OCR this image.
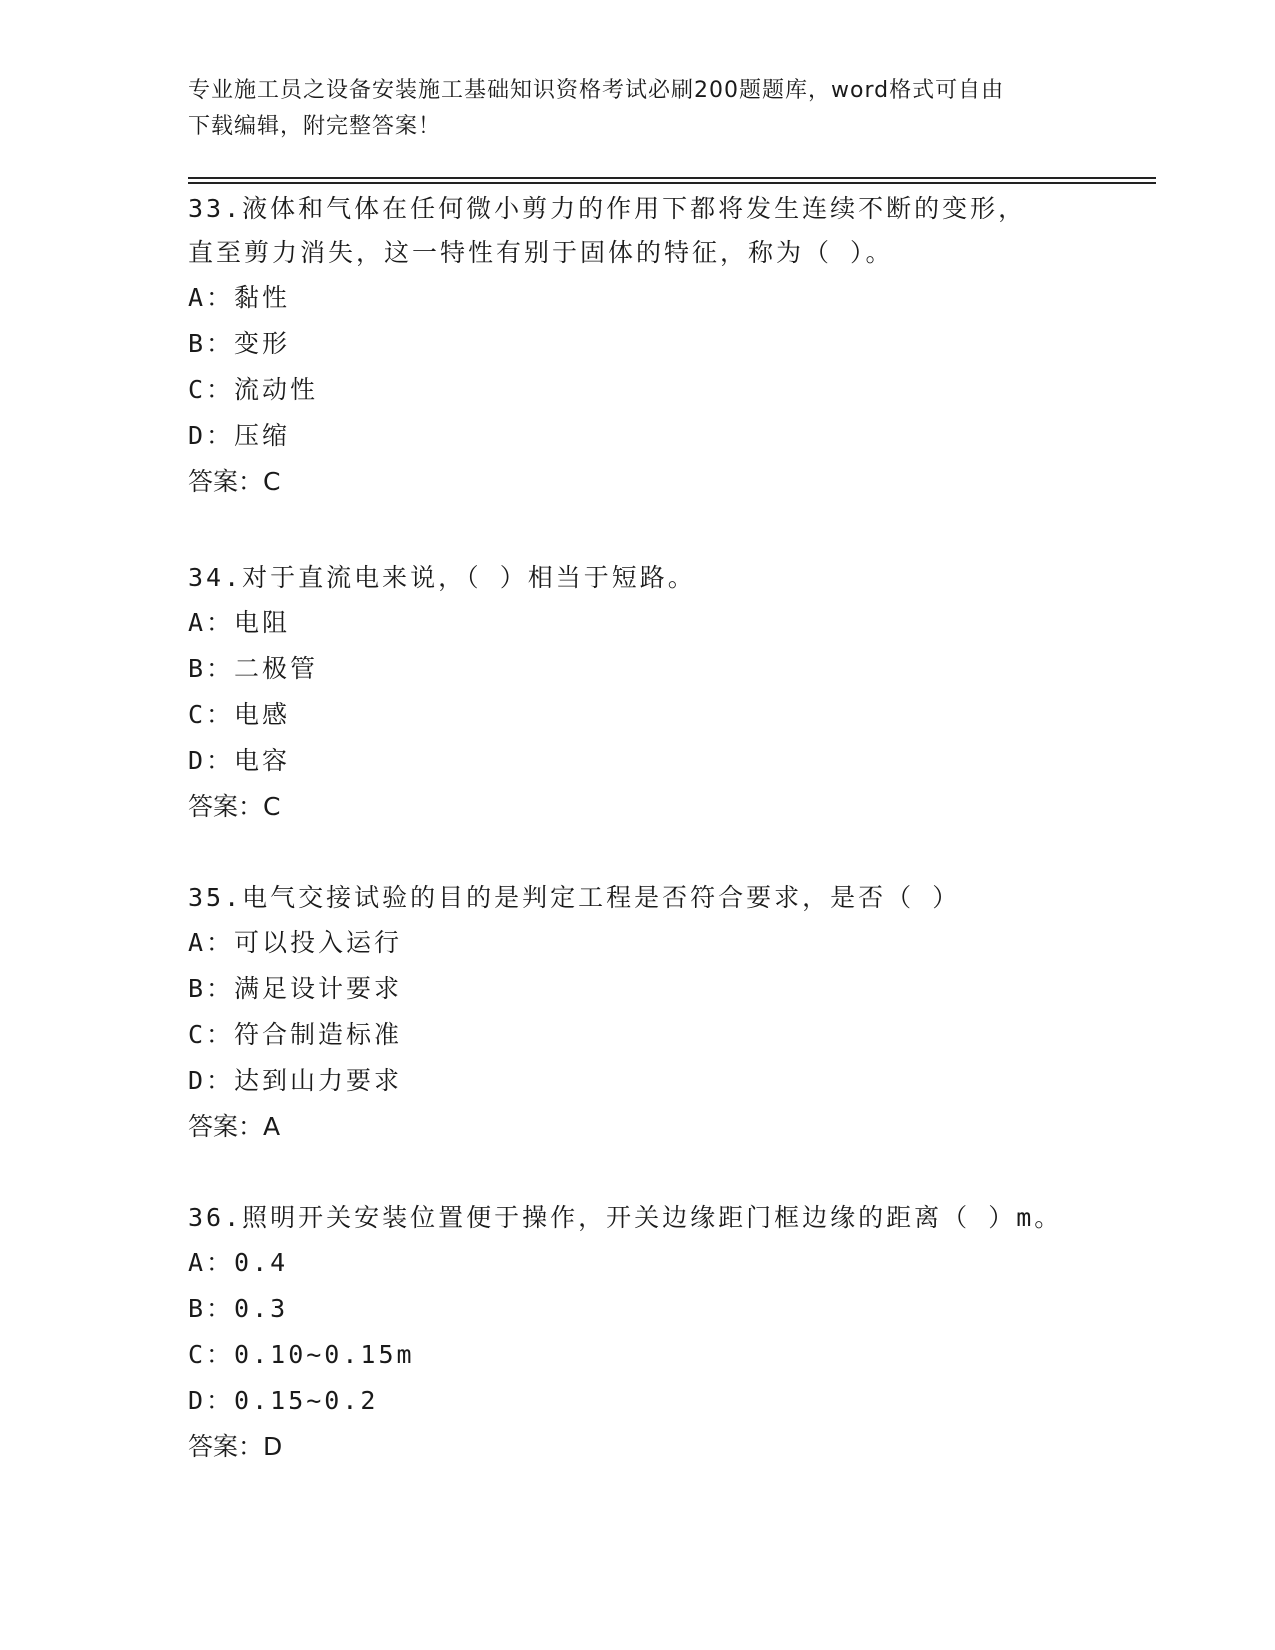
专业施工员之设备安装施工基础知识资格考试必刷200题题库，word格式可自由
下载编辑，附完整答案！

33.液体和气体在任何微小剪力的作用下都将发生连续不断的变形，直至剪力消失，这一特性有别于固体的特征，称为（ ）。

A：黏性

B：变形

C：流动性

D：压缩

答案：C

34.对于直流电来说，（ ）相当于短路。

A：电阻

B：二极管

C：电感

D：电容

答案：C

35.电气交接试验的目的是判定工程是否符合要求，是否（ ）

A：可以投入运行

B：满足设计要求

C：符合制造标准

D：达到山力要求

答案：A

36.照明开关安装位置便于操作，开关边缘距门框边缘的距离（ ）m。

A：0.4

B：0.3

C：0.10~0.15m

D：0.15~0.2

答案：D
